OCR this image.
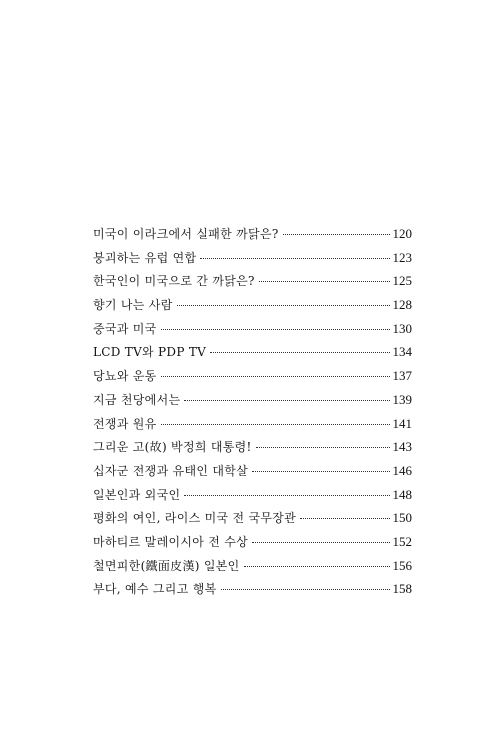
미국이 이라크에서 실패한 까닭은?	120
붕괴하는 유럽 연합	123
한국인이 미국으로 간 까닭은?	125
향기 나는 사람	128
중국과 미국	130
LCD TV와 PDP TV	134
당뇨와 운동	137
지금 천당에서는	139
전쟁과 원유	141
그리운 고(故) 박정희 대통령!	143
십자군 전쟁과 유태인 대학살	146
일본인과 외국인	148
평화의 여인, 라이스 미국 전 국무장관	150
마하티르 말레이시아 전 수상	152
철면피한(鐵面皮漢) 일본인	156
부다, 예수 그리고 행복	158
